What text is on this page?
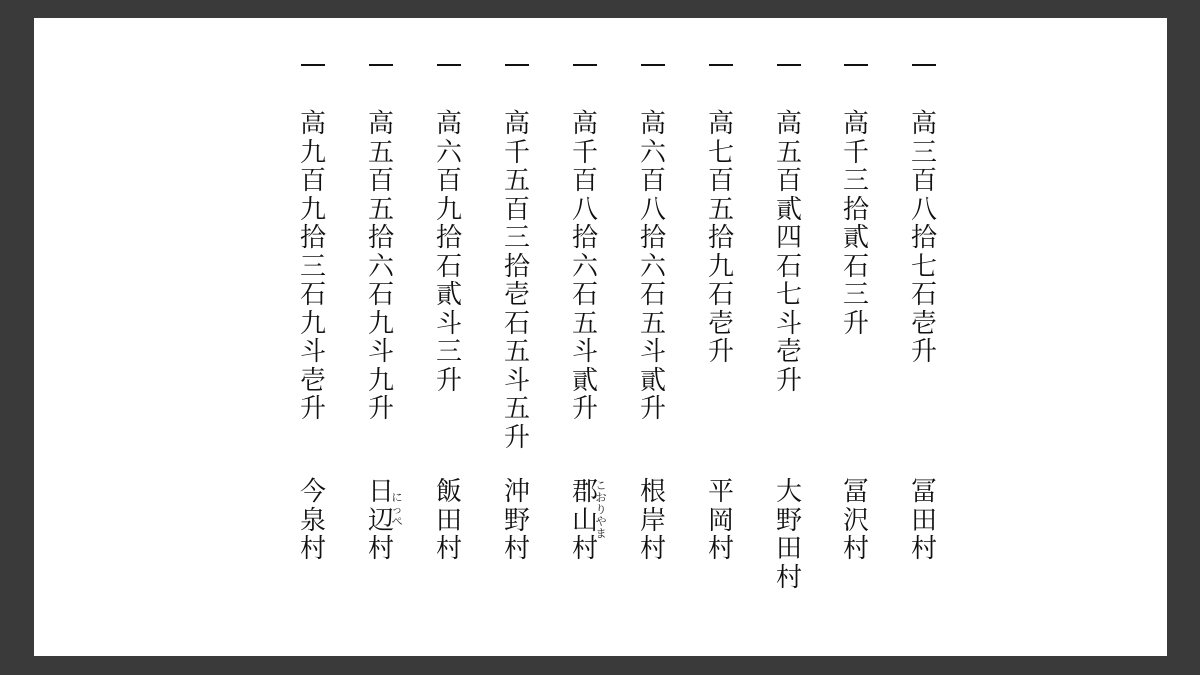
高
三
百
八
拾
七
石
壱
升
冨
田
村
高
千
三
拾
貳
石
三
升
冨
沢
村
高
五
百
貳
四
石
七
斗
壱
升
大
野
田
村
高
七
百
五
拾
九
石
壱
升
平
岡
村
高
六
百
八
拾
六
石
五
斗
貳
升
根
岸
村
高
千
百
八
拾
六
石
五
斗
貳
升
郡
山
村
こ
お
り
や
ま
高
千
五
百
三
拾
壱
石
五
斗
五
升
沖
野
村
高
六
百
九
拾
石
貳
斗
三
升
飯
田
村
高
五
百
五
拾
六
石
九
斗
九
升
日
辺
村
に
っ
ぺ
高
九
百
九
拾
三
石
九
斗
壱
升
今
泉
村
